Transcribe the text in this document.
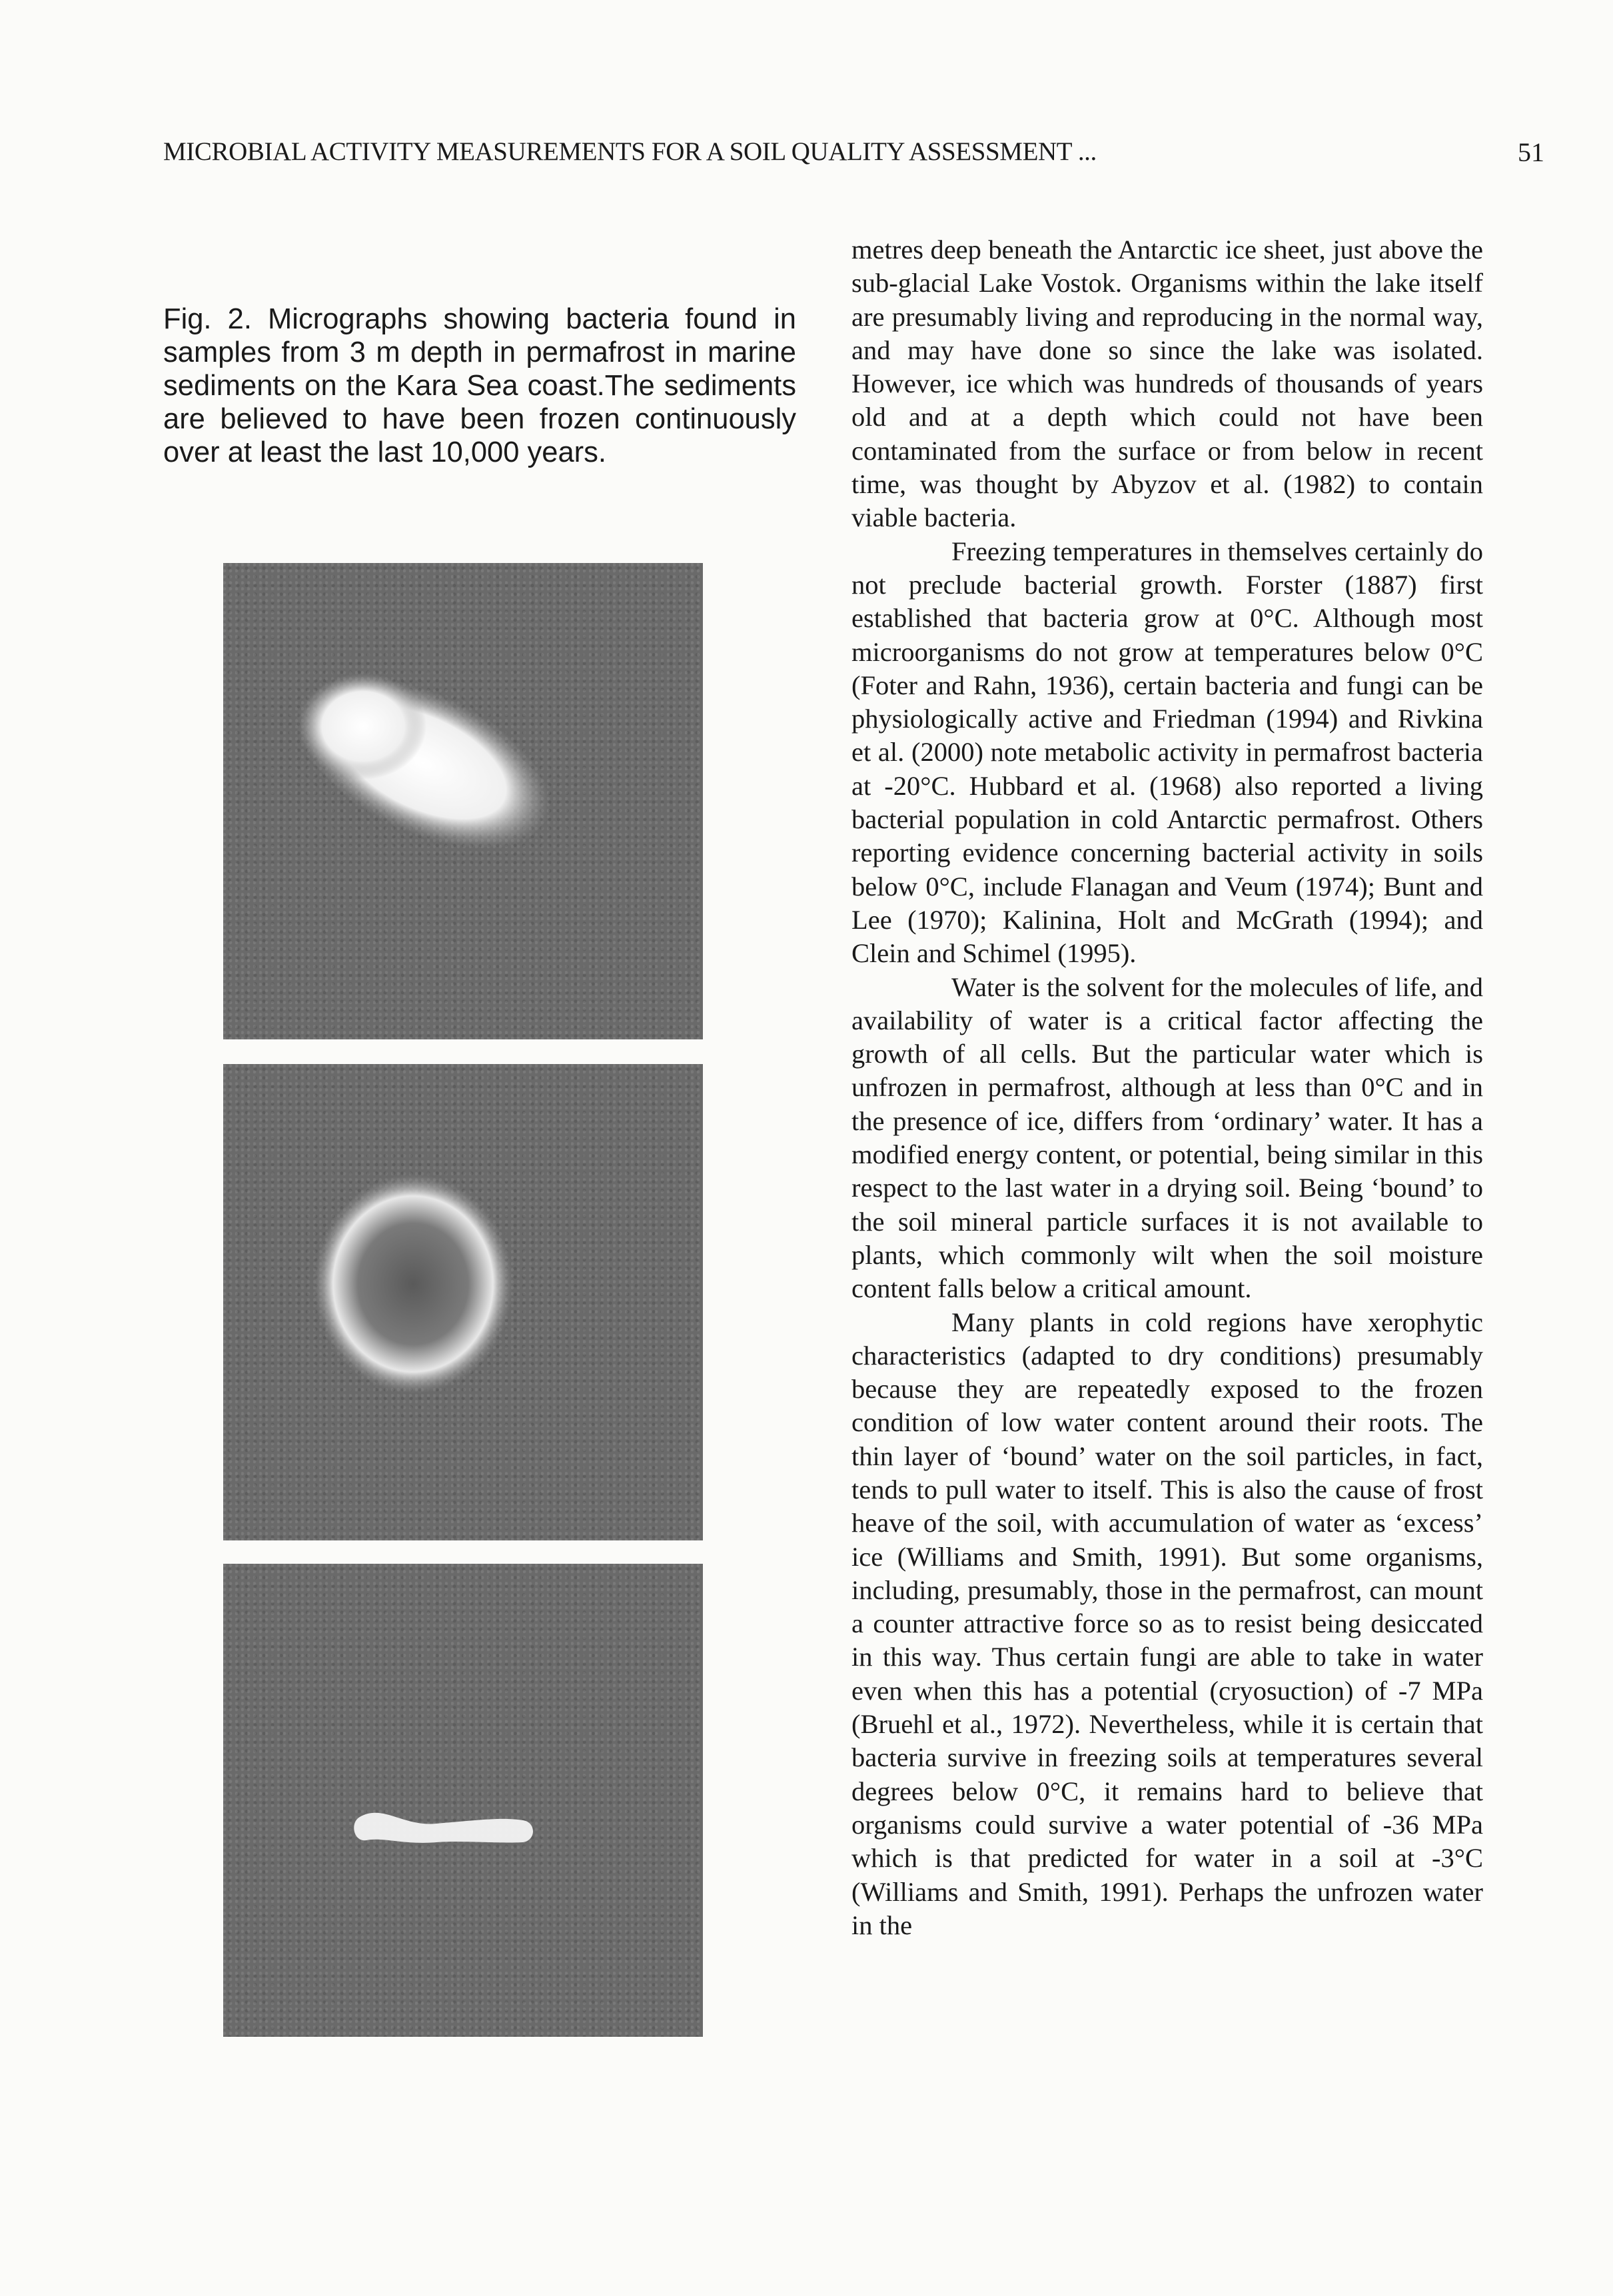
MICROBIAL ACTIVITY MEASUREMENTS FOR A SOIL QUALITY ASSESSMENT ...	51
Fig. 2. Micrographs showing bacteria found in samples from 3 m depth in permafrost in marine sediments on the Kara Sea coast.The sediments are believed to have been frozen continuously over at least the last 10,000 years.

metres deep beneath the Antarctic ice sheet, just above the sub-glacial Lake Vostok. Organisms within the lake itself are presumably living and reproducing in the normal way, and may have done so since the lake was isolated. However, ice which was hundreds of thousands of years old and at a depth which could not have been contaminated from the surface or from below in recent time, was thought by Abyzov et al. (1982) to contain viable bacteria.

Freezing temperatures in themselves certainly do not preclude bacterial growth. Forster (1887) first established that bacteria grow at 0°C. Although most microorganisms do not grow at temperatures below 0°C (Foter and Rahn, 1936), certain bacteria and fungi can be physiologically active and Friedman (1994) and Rivkina et al. (2000) note metabolic activity in permafrost bacteria at -20°C. Hubbard et al. (1968) also reported a living bacterial population in cold Antarctic permafrost. Others reporting evidence concerning bacterial activity in soils below 0°C, include Flanagan and Veum (1974); Bunt and Lee (1970); Kalinina, Holt and McGrath (1994); and Clein and Schimel (1995).

Water is the solvent for the molecules of life, and availability of water is a critical factor affecting the growth of all cells. But the particular water which is unfrozen in permafrost, although at less than 0°C and in the presence of ice, differs from ‘ordinary’ water. It has a modified energy content, or potential, being similar in this respect to the last water in a drying soil. Being ‘bound’ to the soil mineral particle surfaces it is not available to plants, which commonly wilt when the soil moisture content falls below a critical amount.

Many plants in cold regions have xerophytic characteristics (adapted to dry conditions) presumably because they are repeatedly exposed to the frozen condition of low water content around their roots. The thin layer of ‘bound’ water on the soil particles, in fact, tends to pull water to itself. This is also the cause of frost heave of the soil, with accumulation of water as ‘excess’ ice (Williams and Smith, 1991). But some organisms, including, presumably, those in the permafrost, can mount a counter attractive force so as to resist being desiccated in this way. Thus certain fungi are able to take in water even when this has a potential (cryosuction) of -7 MPa (Bruehl et al., 1972). Nevertheless, while it is certain that bacteria survive in freezing soils at temperatures several degrees below 0°C, it remains hard to believe that organisms could survive a water potential of -36 MPa which is that predicted for water in a soil at -3°C (Williams and Smith, 1991). Perhaps the unfrozen water in the
